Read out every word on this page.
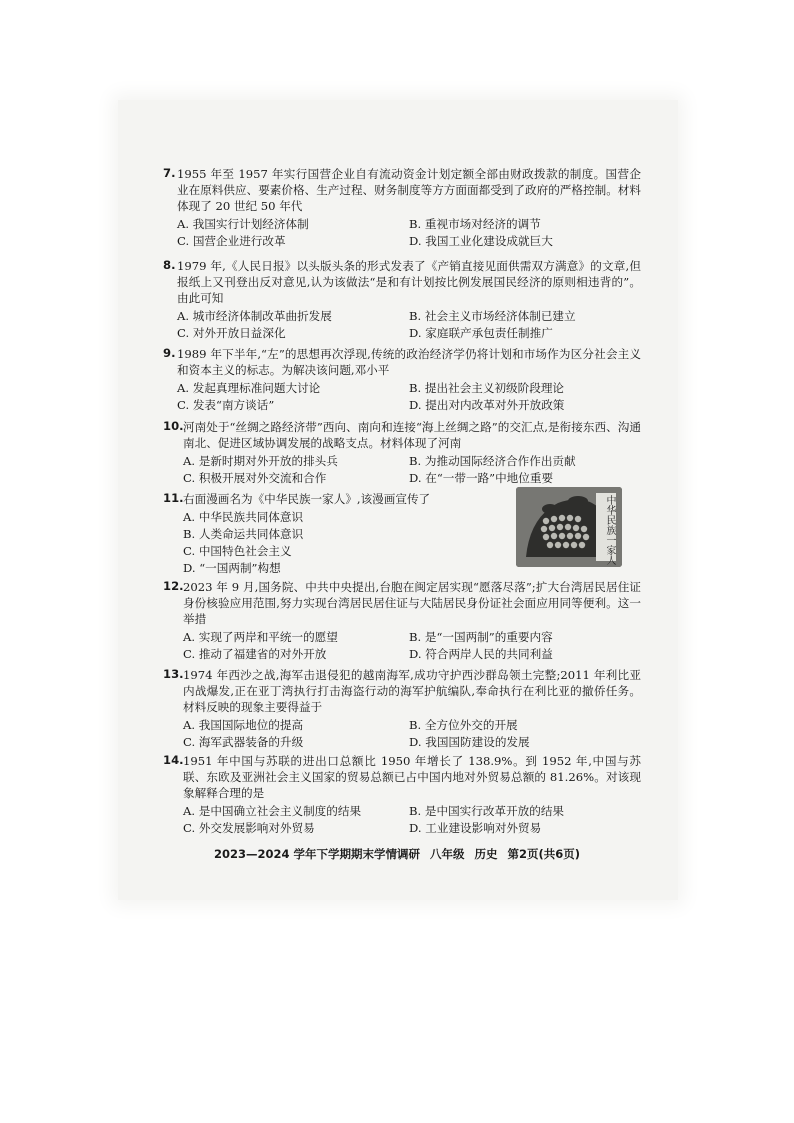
7. 1955 年至 1957 年实行国营企业自有流动资金计划定额全部由财政拨款的制度。国营企业在原料供应、要素价格、生产过程、财务制度等方方面面都受到了政府的严格控制。材料体现了 20 世纪 50 年代

A. 我国实行计划经济体制	B. 重视市场对经济的调节
C. 国营企业进行改革	D. 我国工业化建设成就巨大
8. 1979 年,《人民日报》以头版头条的形式发表了《产销直接见面供需双方满意》的文章,但报纸上又刊登出反对意见,认为该做法“是和有计划按比例发展国民经济的原则相违背的”。由此可知

A. 城市经济体制改革曲折发展	B. 社会主义市场经济体制已建立
C. 对外开放日益深化	D. 家庭联产承包责任制推广
9. 1989 年下半年,“左”的思想再次浮现,传统的政治经济学仍将计划和市场作为区分社会主义和资本主义的标志。为解决该问题,邓小平

A. 发起真理标准问题大讨论	B. 提出社会主义初级阶段理论
C. 发表“南方谈话”	D. 提出对内改革对外开放政策
10. 河南处于“丝绸之路经济带”西向、南向和连接“海上丝绸之路”的交汇点,是衔接东西、沟通南北、促进区域协调发展的战略支点。材料体现了河南

A. 是新时期对外开放的排头兵	B. 为推动国际经济合作作出贡献
C. 积极开展对外交流和合作	D. 在“一带一路”中地位重要
11. 右面漫画名为《中华民族一家人》,该漫画宣传了

A. 中华民族共同体意识
B. 人类命运共同体意识
C. 中国特色社会主义
D. “一国两制”构想
中华民族一家人
12. 2023 年 9 月,国务院、中共中央提出,台胞在闽定居实现“愿落尽落”;扩大台湾居民居住证身份核验应用范围,努力实现台湾居民居住证与大陆居民身份证社会面应用同等便利。这一举措

A. 实现了两岸和平统一的愿望	B. 是“一国两制”的重要内容
C. 推动了福建省的对外开放	D. 符合两岸人民的共同利益
13. 1974 年西沙之战,海军击退侵犯的越南海军,成功守护西沙群岛领土完整;2011 年利比亚内战爆发,正在亚丁湾执行打击海盗行动的海军护航编队,奉命执行在利比亚的撤侨任务。材料反映的现象主要得益于

A. 我国国际地位的提高	B. 全方位外交的开展
C. 海军武器装备的升级	D. 我国国防建设的发展
14. 1951 年中国与苏联的进出口总额比 1950 年增长了 138.9%。到 1952 年,中国与苏联、东欧及亚洲社会主义国家的贸易总额已占中国内地对外贸易总额的 81.26%。对该现象解释合理的是

A. 是中国确立社会主义制度的结果	B. 是中国实行改革开放的结果
C. 外交发展影响对外贸易	D. 工业建设影响对外贸易
2023—2024 学年下学期期末学情调研 八年级 历史 第2页(共6页)
